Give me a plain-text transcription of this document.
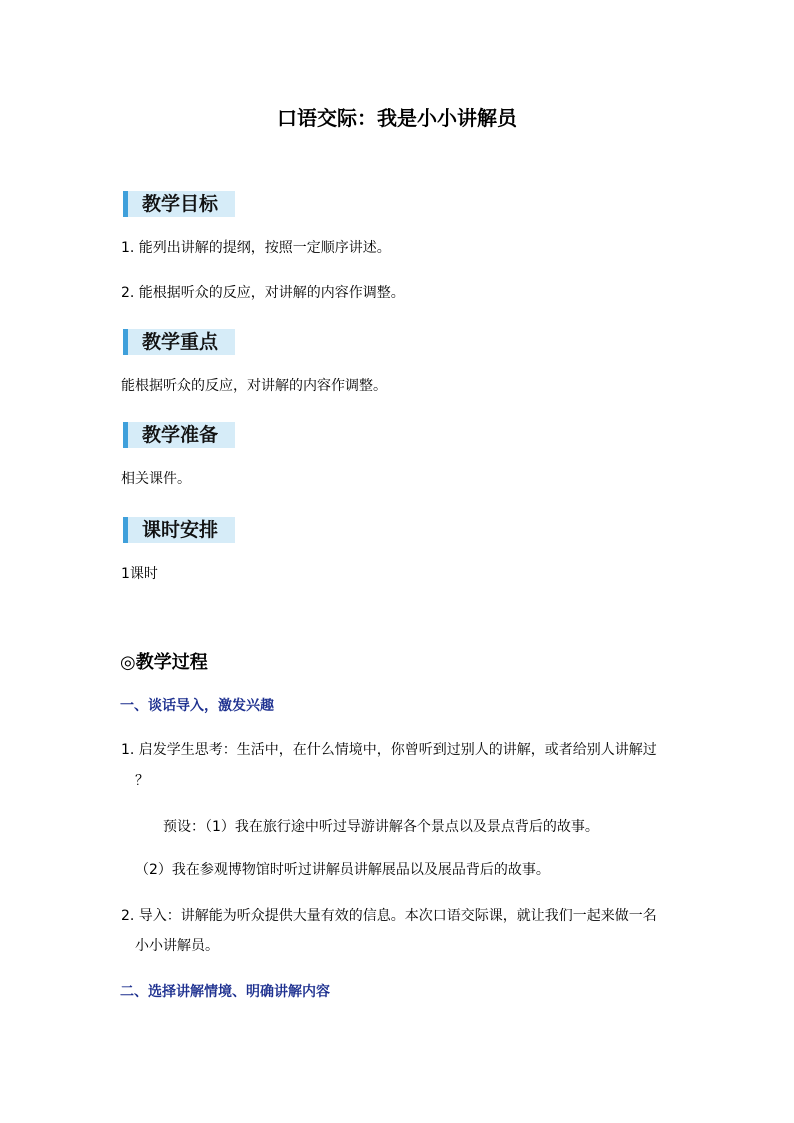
口语交际：我是小小讲解员
教学目标
1. 能列出讲解的提纲，按照一定顺序讲述。
2. 能根据听众的反应，对讲解的内容作调整。
教学重点
能根据听众的反应，对讲解的内容作调整。
教学准备
相关课件。
课时安排
1课时
◎教学过程
一、谈话导入，激发兴趣
1. 启发学生思考：生活中，在什么情境中，你曾听到过别人的讲解，或者给别人讲解过
？
预设：（1）我在旅行途中听过导游讲解各个景点以及景点背后的故事。
（2）我在参观博物馆时听过讲解员讲解展品以及展品背后的故事。
2. 导入：讲解能为听众提供大量有效的信息。本次口语交际课，就让我们一起来做一名
小小讲解员。
二、选择讲解情境、明确讲解内容
